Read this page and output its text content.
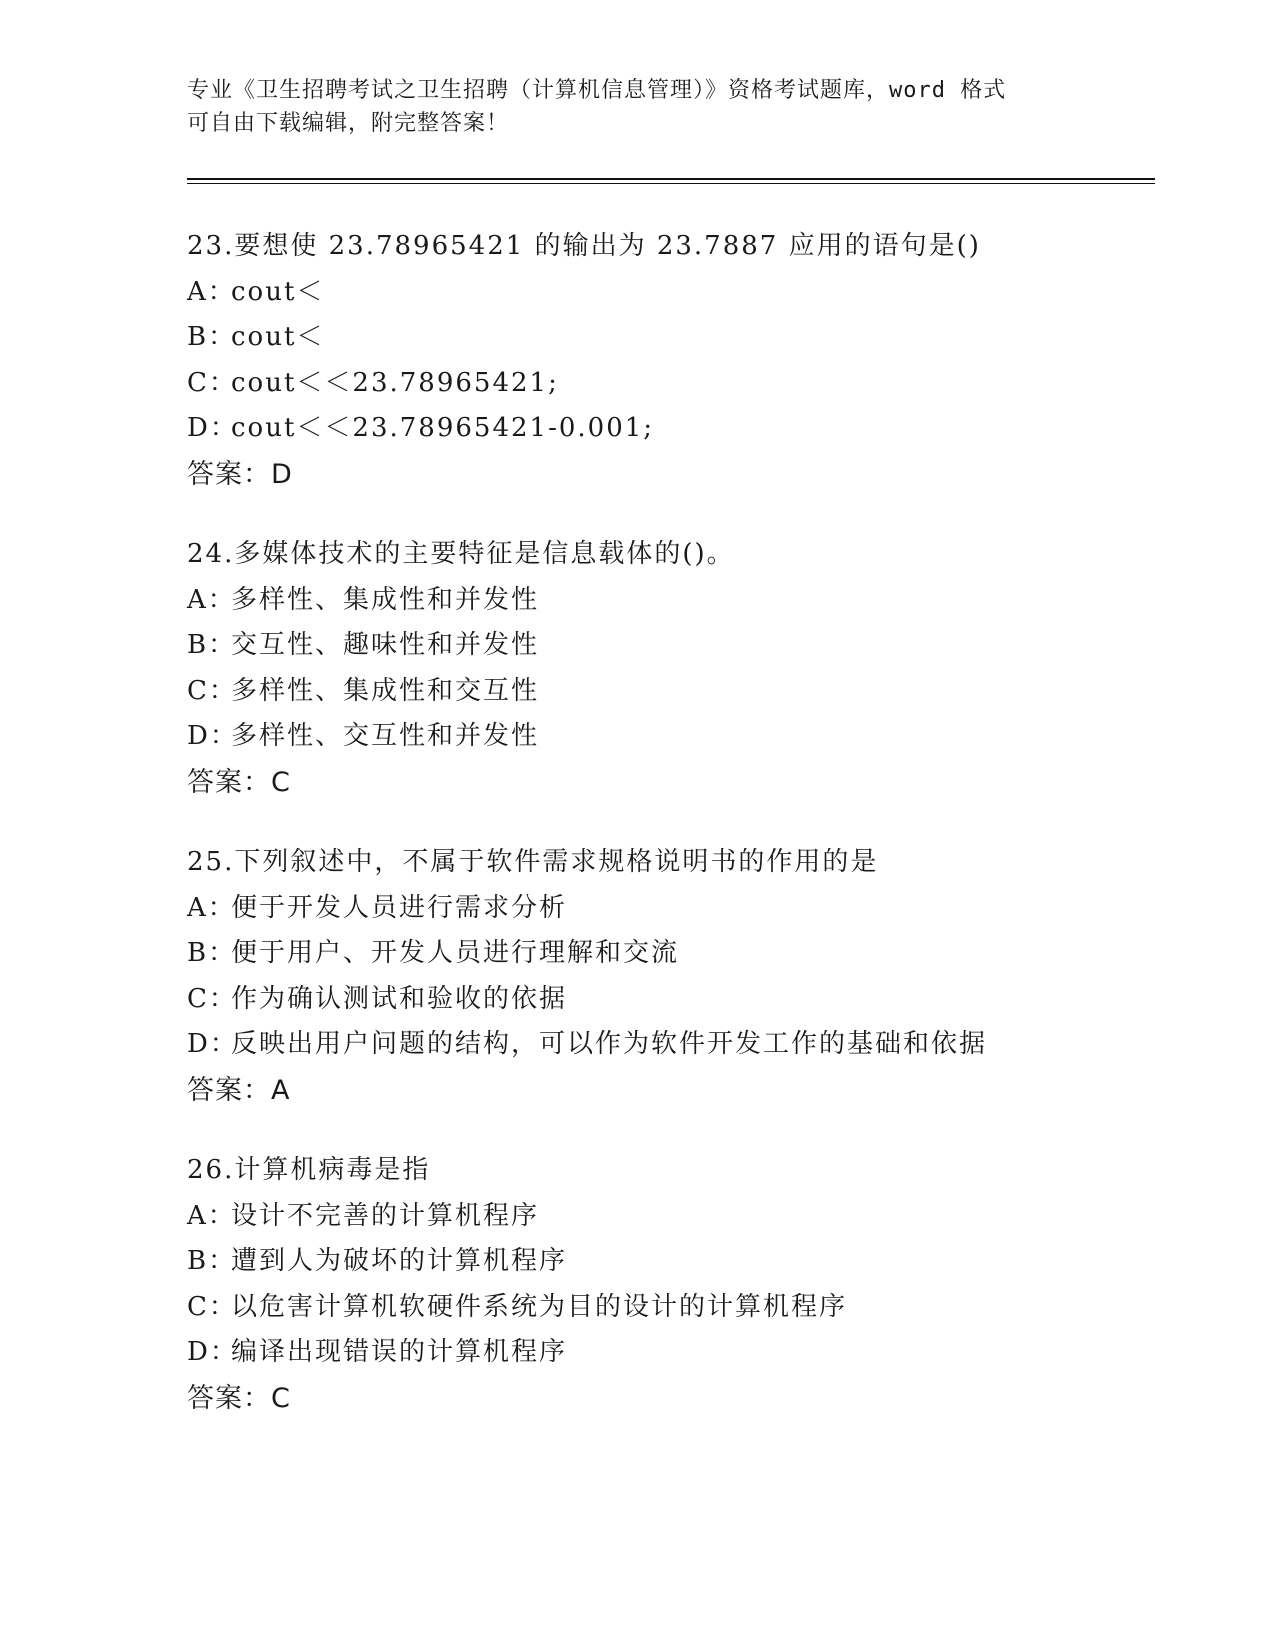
专业《卫生招聘考试之卫生招聘（计算机信息管理）》资格考试题库，word 格式
可自由下载编辑，附完整答案！
23.要想使 23.78965421 的输出为 23.7887 应用的语句是()
A：cout＜
B：cout＜
C：cout＜＜23.78965421;
D：cout＜＜23.78965421-0.001;
答案：D
24.多媒体技术的主要特征是信息载体的()。
A：多样性、集成性和并发性
B：交互性、趣味性和并发性
C：多样性、集成性和交互性
D：多样性、交互性和并发性
答案：C
25.下列叙述中，不属于软件需求规格说明书的作用的是
A：便于开发人员进行需求分析
B：便于用户、开发人员进行理解和交流
C：作为确认测试和验收的依据
D：反映出用户问题的结构，可以作为软件开发工作的基础和依据
答案：A
26.计算机病毒是指
A：设计不完善的计算机程序
B：遭到人为破坏的计算机程序
C：以危害计算机软硬件系统为目的设计的计算机程序
D：编译出现错误的计算机程序
答案：C
